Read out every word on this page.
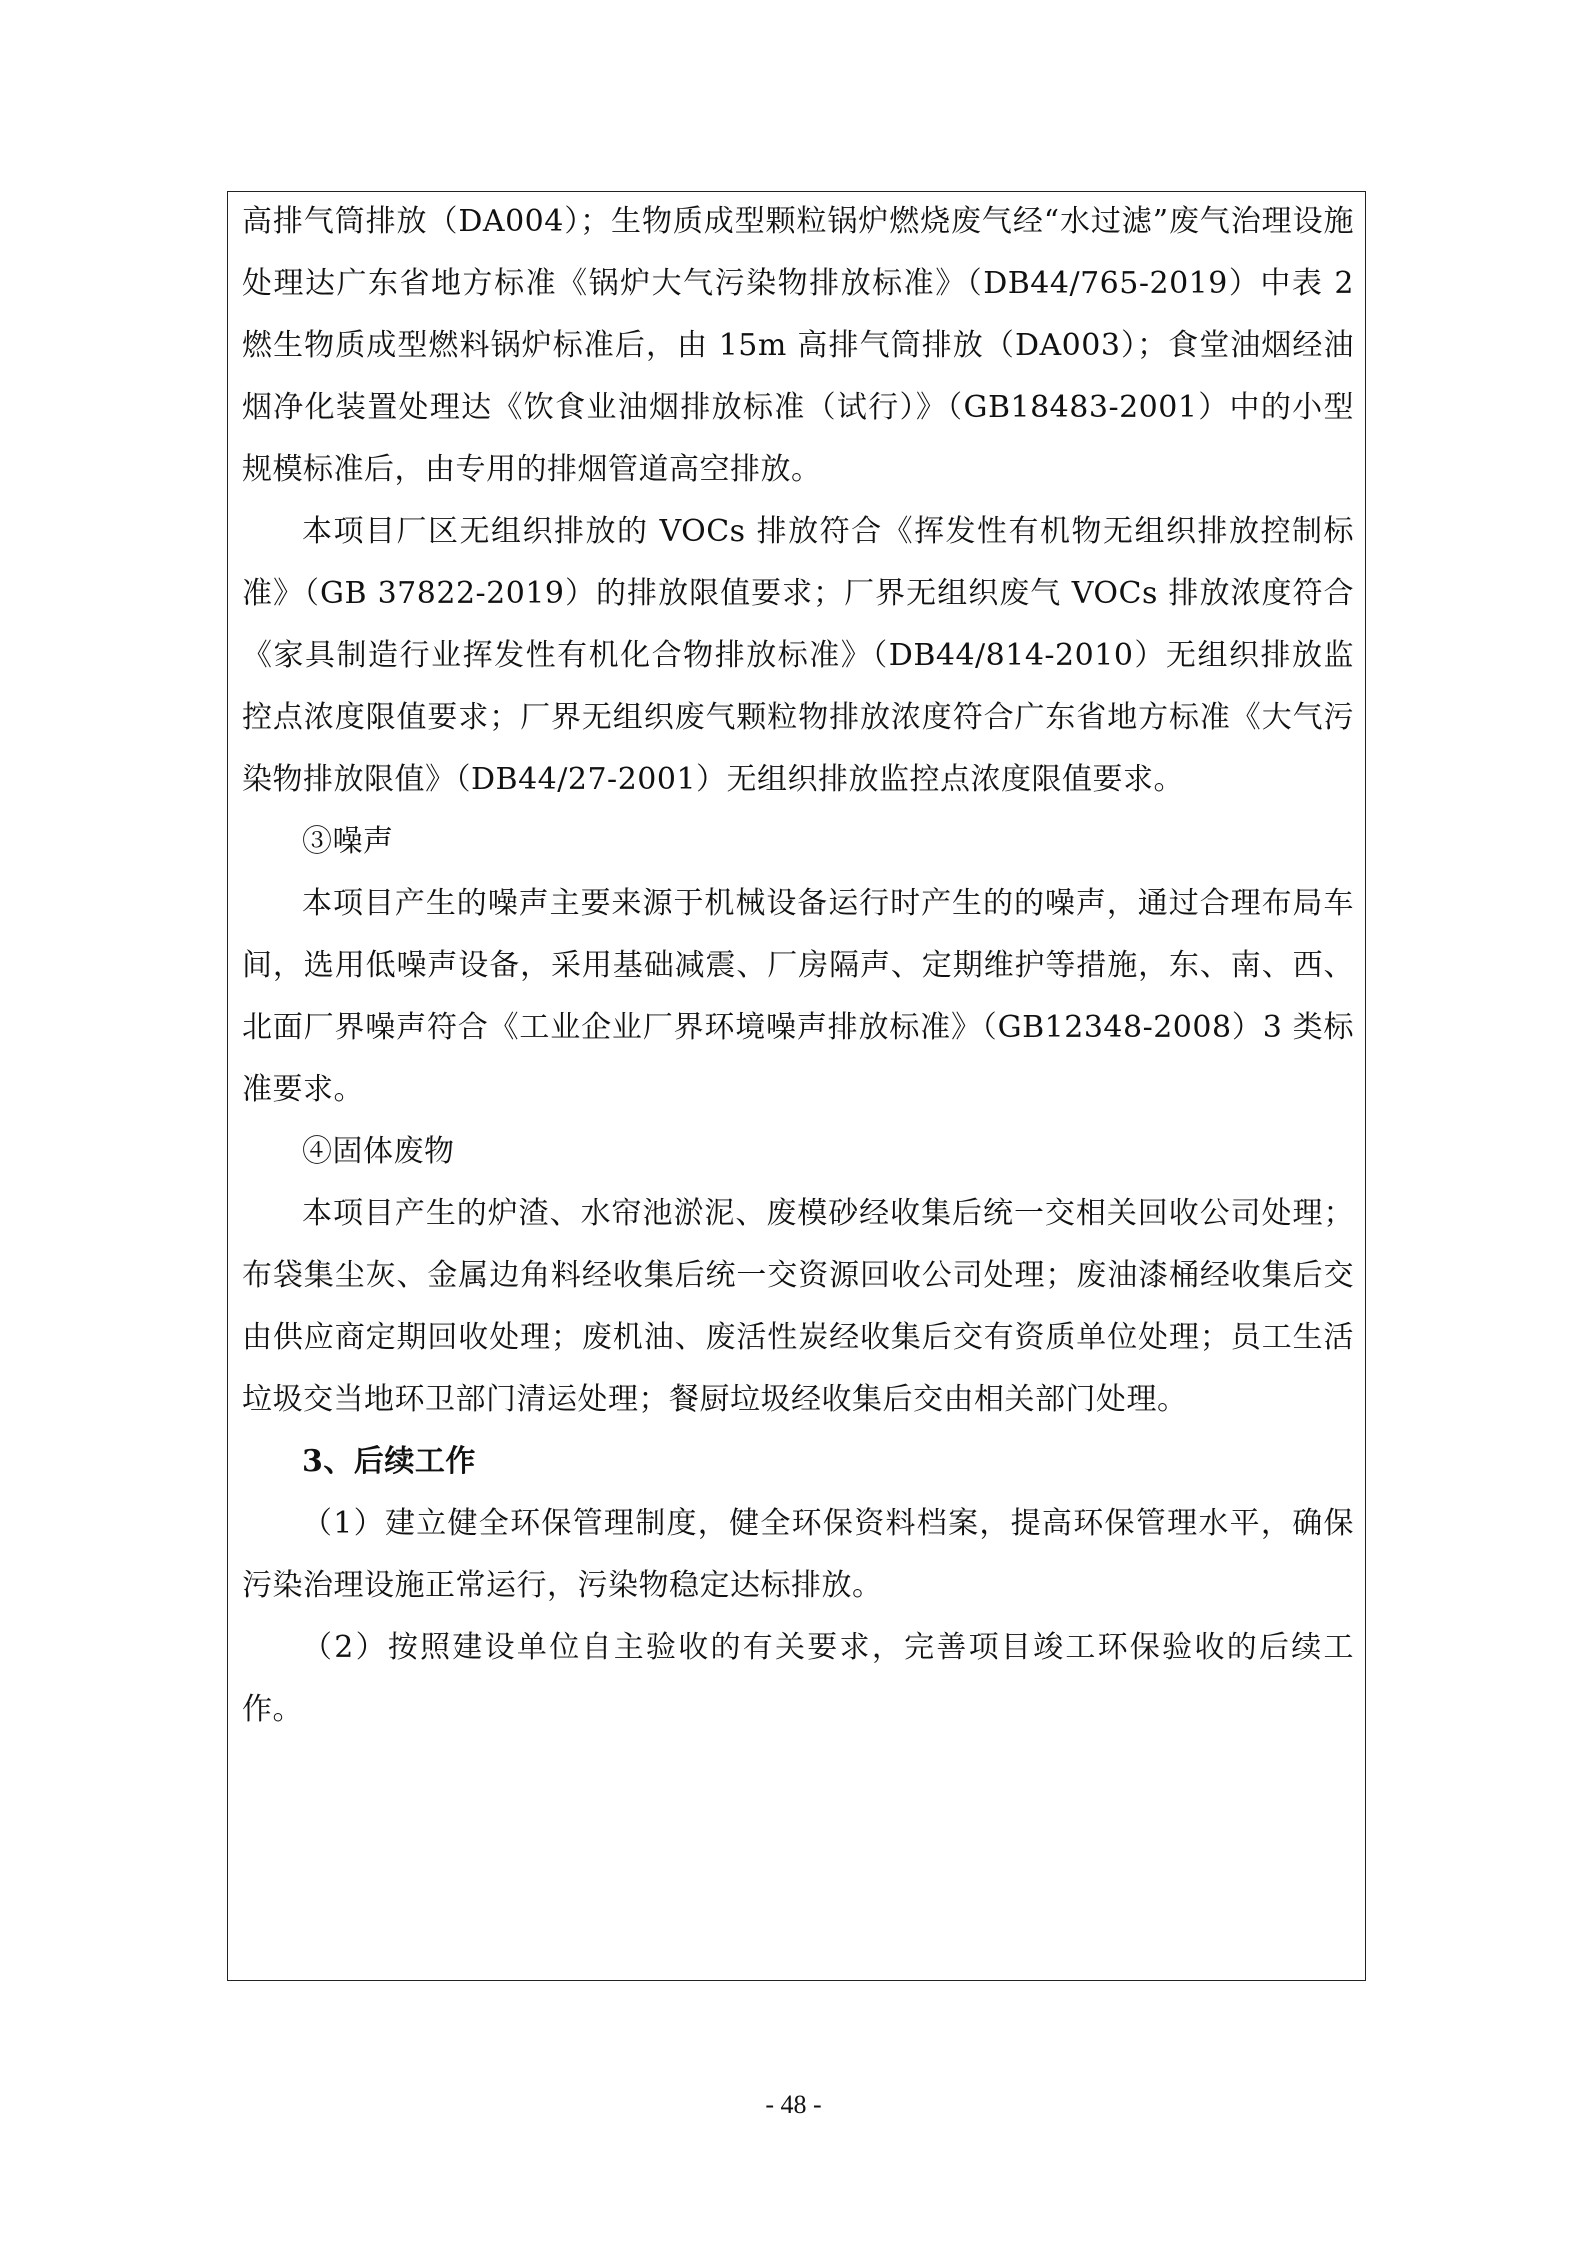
高排气筒排放（DA004）；生物质成型颗粒锅炉燃烧废气经“水过滤”废气治理设施处理达广东省地方标准《锅炉大气污染物排放标准》（DB44/765-2019）中表 2 燃生物质成型燃料锅炉标准后，由 15m 高排气筒排放（DA003）；食堂油烟经油烟净化装置处理达《饮食业油烟排放标准（试行）》（GB18483-2001）中的小型规模标准后，由专用的排烟管道高空排放。

本项目厂区无组织排放的 VOCs 排放符合《挥发性有机物无组织排放控制标准》（GB 37822-2019）的排放限值要求；厂界无组织废气 VOCs 排放浓度符合《家具制造行业挥发性有机化合物排放标准》（DB44/814-2010）无组织排放监控点浓度限值要求；厂界无组织废气颗粒物排放浓度符合广东省地方标准《大气污染物排放限值》（DB44/27-2001）无组织排放监控点浓度限值要求。

③噪声

本项目产生的噪声主要来源于机械设备运行时产生的的噪声，通过合理布局车间，选用低噪声设备，采用基础减震、厂房隔声、定期维护等措施，东、南、西、北面厂界噪声符合《工业企业厂界环境噪声排放标准》（GB12348-2008）3 类标准要求。

④固体废物

本项目产生的炉渣、水帘池淤泥、废模砂经收集后统一交相关回收公司处理；布袋集尘灰、金属边角料经收集后统一交资源回收公司处理；废油漆桶经收集后交由供应商定期回收处理；废机油、废活性炭经收集后交有资质单位处理；员工生活垃圾交当地环卫部门清运处理；餐厨垃圾经收集后交由相关部门处理。

3、后续工作

（1）建立健全环保管理制度，健全环保资料档案，提高环保管理水平，确保污染治理设施正常运行，污染物稳定达标排放。

（2）按照建设单位自主验收的有关要求，完善项目竣工环保验收的后续工作。

- 48 -
